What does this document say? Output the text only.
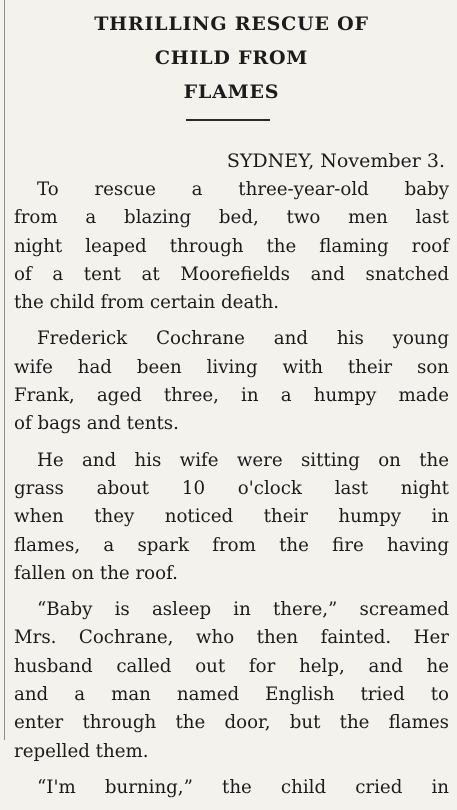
THRILLING RESCUE OF
CHILD FROM
FLAMES
SYDNEY, November 3.
To rescue a three-year-old baby
from a blazing bed, two men last
night leaped through the flaming roof
of a tent at Moorefields and snatched
the child from certain death.
Frederick Cochrane and his young
wife had been living with their son
Frank, aged three, in a humpy made
of bags and tents.
He and his wife were sitting on the
grass about 10 o'clock last night
when they noticed their humpy in
flames, a spark from the fire having
fallen on the roof.
“Baby is asleep in there,” screamed
Mrs. Cochrane, who then fainted. Her
husband called out for help, and he
and a man named English tried to
enter through the door, but the flames
repelled them.
“I'm burning,” the child cried in
